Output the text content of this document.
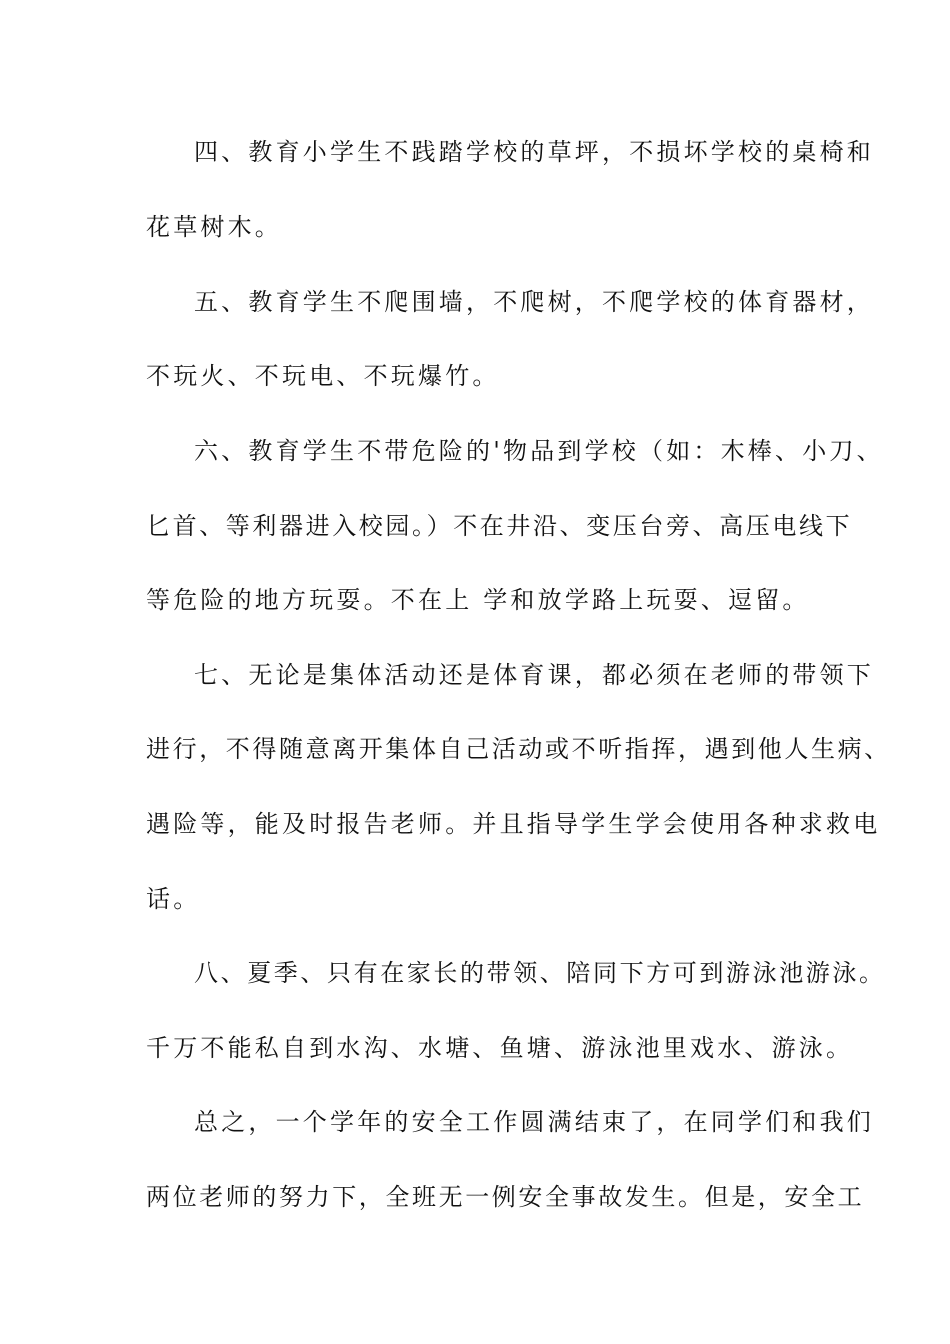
四、教育小学生不践踏学校的草坪，不损坏学校的桌椅和
花草树木。
五、教育学生不爬围墙，不爬树，不爬学校的体育器材，
不玩火、不玩电、不玩爆竹。
六、教育学生不带危险的'物品到学校（如：木棒、小刀、
匕首、等利器进入校园。）不在井沿、变压台旁、高压电线下
等危险的地方玩耍。不在上 学和放学路上玩耍、逗留。
七、无论是集体活动还是体育课，都必须在老师的带领下
进行，不得随意离开集体自己活动或不听指挥，遇到他人生病、
遇险等，能及时报告老师。并且指导学生学会使用各种求救电
话。
八、夏季、只有在家长的带领、陪同下方可到游泳池游泳。
千万不能私自到水沟、水塘、鱼塘、游泳池里戏水、游泳。
总之，一个学年的安全工作圆满结束了，在同学们和我们
两位老师的努力下，全班无一例安全事故发生。但是，安全工
